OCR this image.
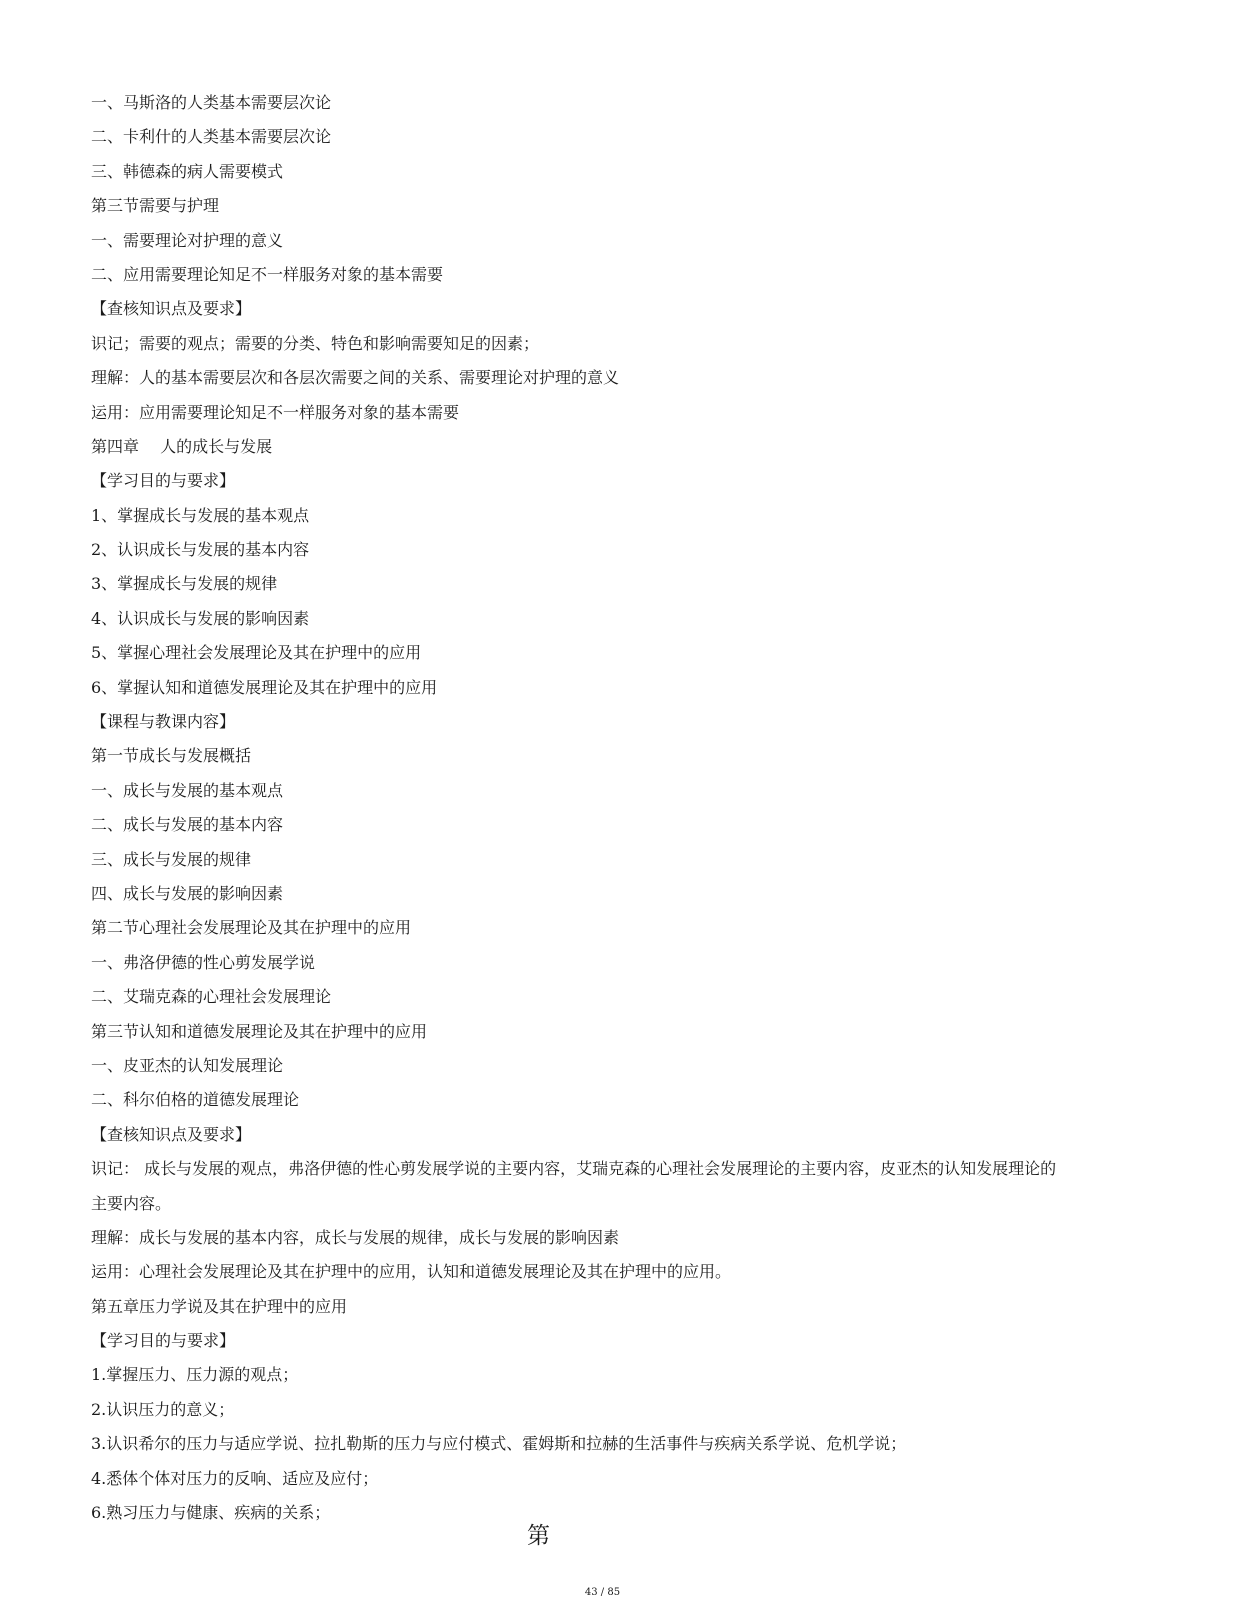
一、马斯洛的人类基本需要层次论
二、卡利什的人类基本需要层次论
三、韩德森的病人需要模式
第三节需要与护理
一、需要理论对护理的意义
二、应用需要理论知足不一样服务对象的基本需要
【查核知识点及要求】
识记；需要的观点；需要的分类、特色和影响需要知足的因素；
理解：人的基本需要层次和各层次需要之间的关系、需要理论对护理的意义
运用：应用需要理论知足不一样服务对象的基本需要
第四章　 人的成长与发展
【学习目的与要求】
1、掌握成长与发展的基本观点
2、认识成长与发展的基本内容
3、掌握成长与发展的规律
4、认识成长与发展的影响因素
5、掌握心理社会发展理论及其在护理中的应用
6、掌握认知和道德发展理论及其在护理中的应用
【课程与教课内容】
第一节成长与发展概括
一、成长与发展的基本观点
二、成长与发展的基本内容
三、成长与发展的规律
四、成长与发展的影响因素
第二节心理社会发展理论及其在护理中的应用
一、弗洛伊德的性心剪发展学说
二、艾瑞克森的心理社会发展理论
第三节认知和道德发展理论及其在护理中的应用
一、皮亚杰的认知发展理论
二、科尔伯格的道德发展理论
【查核知识点及要求】
识记： 成长与发展的观点，弗洛伊德的性心剪发展学说的主要内容，艾瑞克森的心理社会发展理论的主要内容，皮亚杰的认知发展理论的
主要内容。
理解：成长与发展的基本内容，成长与发展的规律，成长与发展的影响因素
运用：心理社会发展理论及其在护理中的应用，认知和道德发展理论及其在护理中的应用。
第五章压力学说及其在护理中的应用
【学习目的与要求】
1.掌握压力、压力源的观点；
2.认识压力的意义；
3.认识希尔的压力与适应学说、拉扎勒斯的压力与应付模式、霍姆斯和拉赫的生活事件与疾病关系学说、危机学说；
4.悉体个体对压力的反响、适应及应付；
6.熟习压力与健康、疾病的关系；
第
43 / 85
